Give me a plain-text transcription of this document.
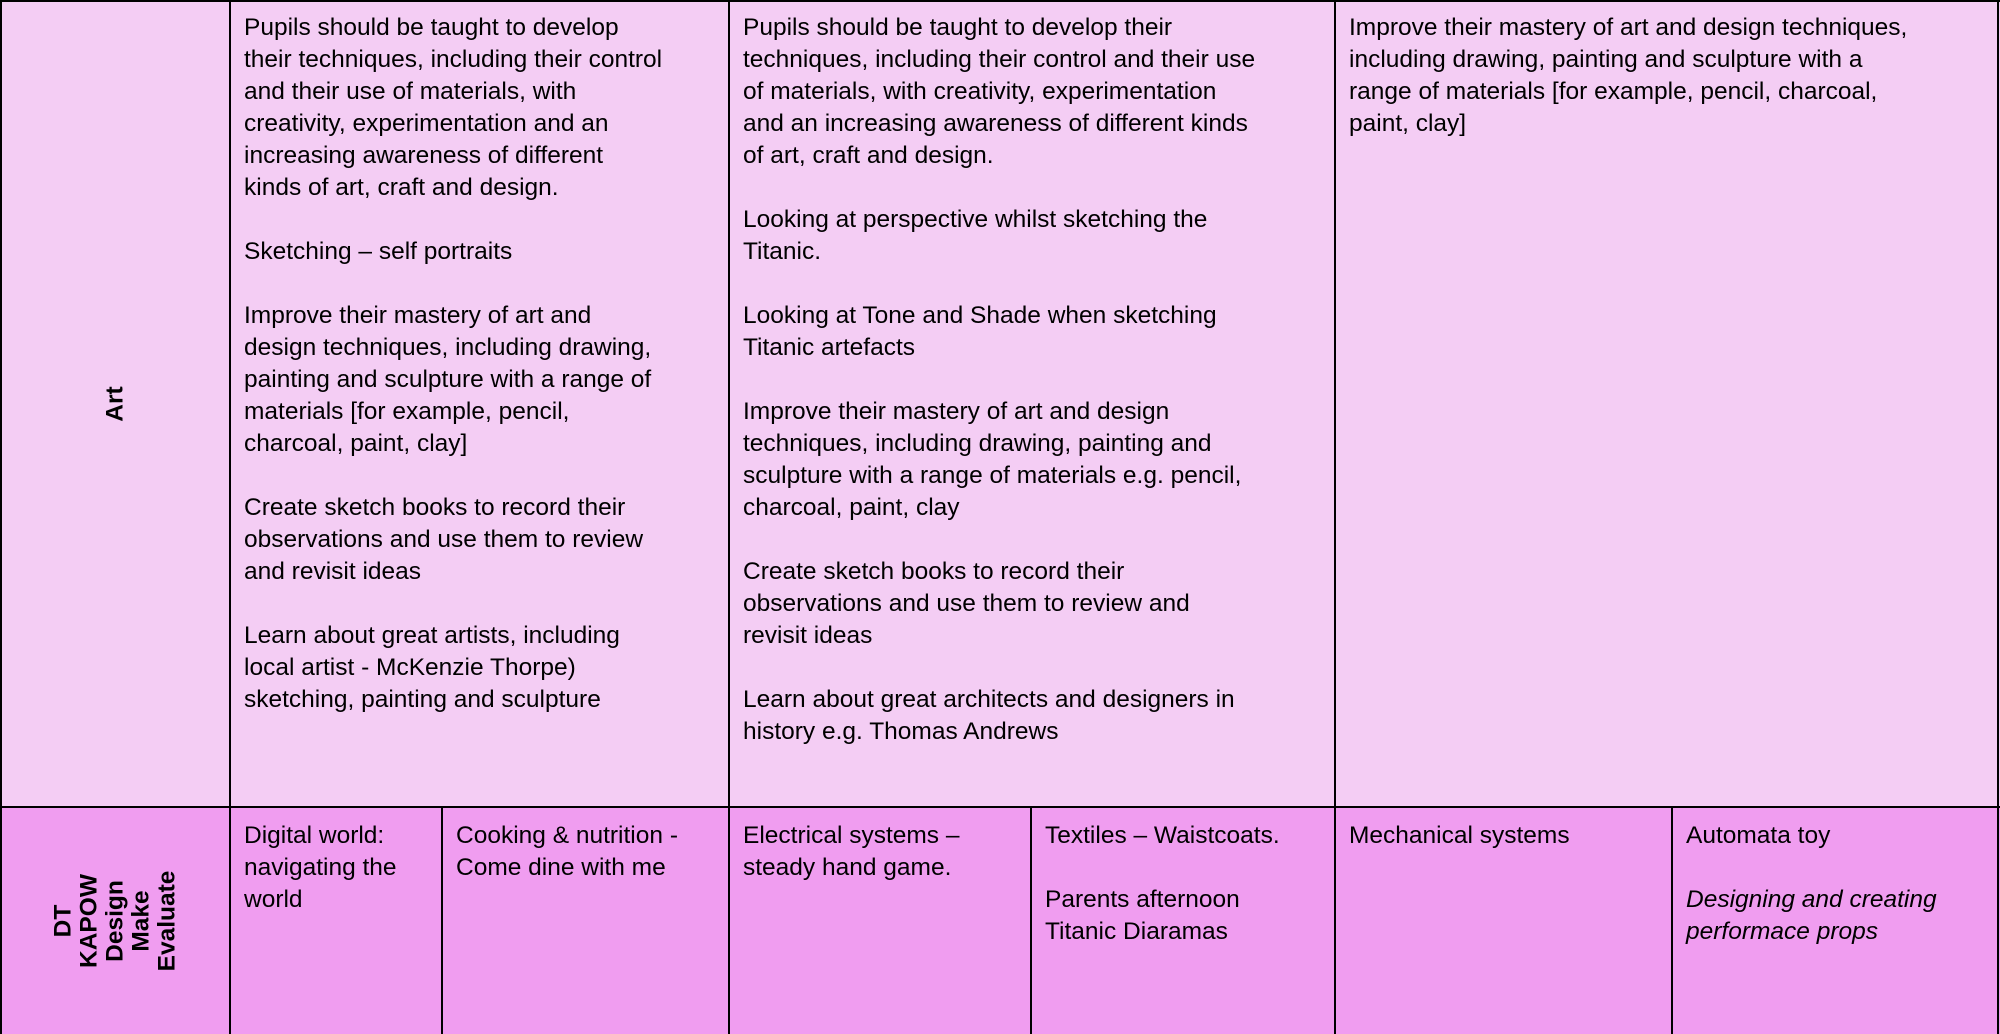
Art

Pupils should be taught to develop
their techniques, including their control
and their use of materials, with
creativity, experimentation and an
increasing awareness of different
kinds of art, craft and design.

Sketching – self portraits

Improve their mastery of art and
design techniques, including drawing,
painting and sculpture with a range of
materials [for example, pencil,
charcoal, paint, clay]

Create sketch books to record their
observations and use them to review
and revisit ideas

Learn about great artists, including
local artist - McKenzie Thorpe)
sketching, painting and sculpture

Pupils should be taught to develop their
techniques, including their control and their use
of materials, with creativity, experimentation
and an increasing awareness of different kinds
of art, craft and design.

Looking at perspective whilst sketching the
Titanic.

Looking at Tone and Shade when sketching
Titanic artefacts

Improve their mastery of art and design
techniques, including drawing, painting and
sculpture with a range of materials e.g. pencil,
charcoal, paint, clay

Create sketch books to record their
observations and use them to review and
revisit ideas

Learn about great architects and designers in
history e.g. Thomas Andrews

Improve their mastery of art and design techniques,
including drawing, painting and sculpture with a
range of materials [for example, pencil, charcoal,
paint, clay]

DT
KAPOW
Design
Make
Evaluate

Digital world:
navigating the
world

Cooking & nutrition -
Come dine with me

Electrical systems –
steady hand game.

Textiles – Waistcoats.

Parents afternoon
Titanic Diaramas

Mechanical systems	Automata toy

Designing and creating
performace props
